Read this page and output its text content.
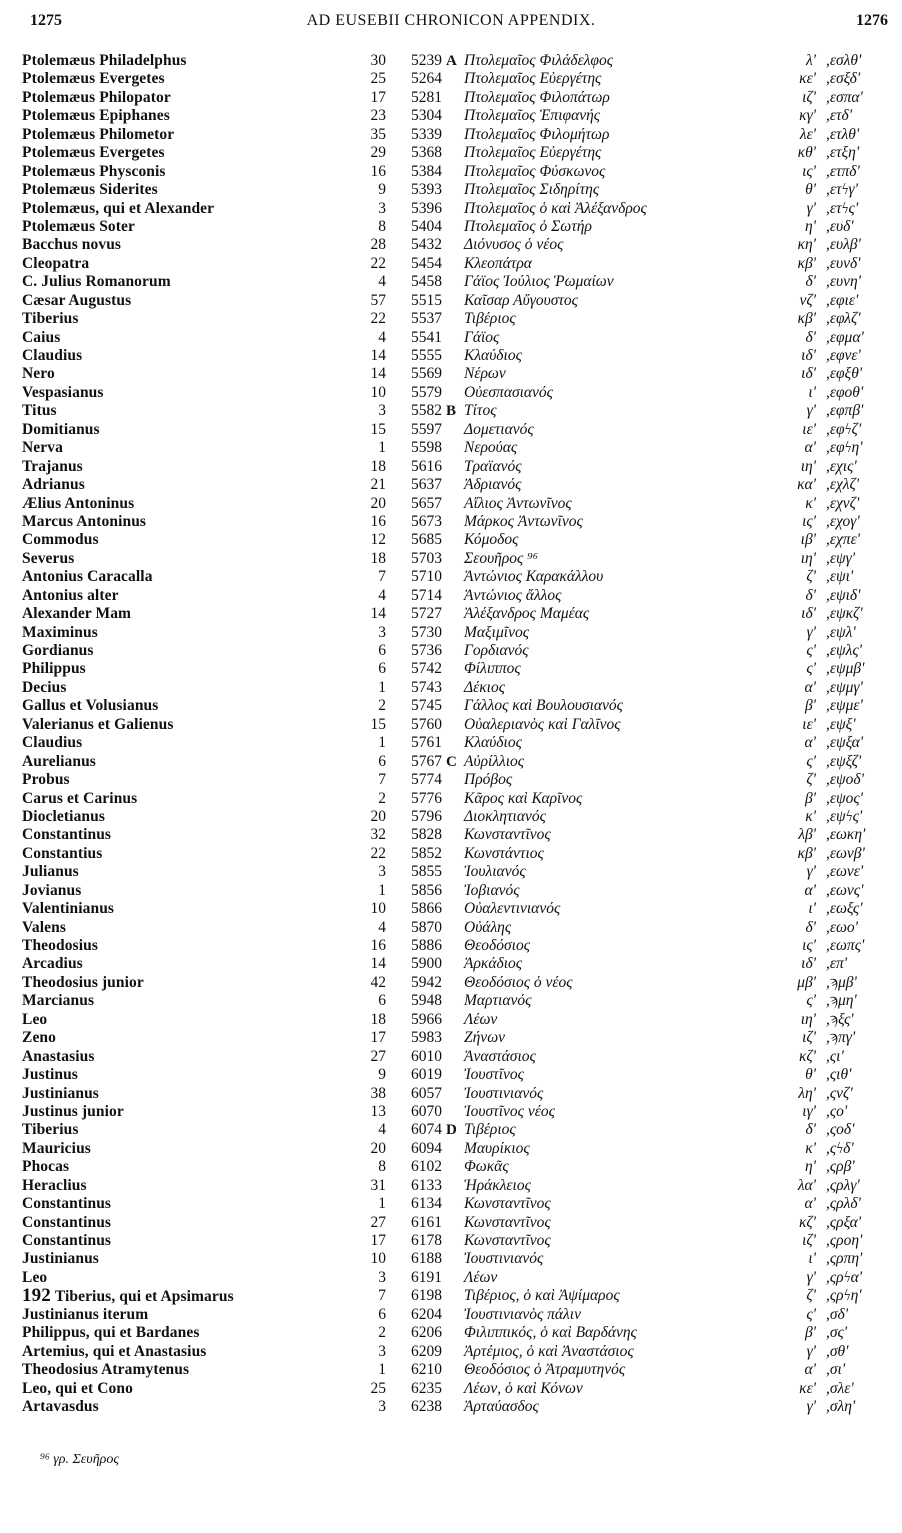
1275	AD EUSEBII CHRONICON APPENDIX.	1276
Ptolemæus Philadelphus	30	5239 A Πτολεμαῖος Φιλάδελφος	λ' ,εσλθ'
Ptolemæus Evergetes	25	5264 Πτολεμαῖος Εὐεργέτης	κε' ,εσξδ'
Ptolemæus Philopator	17	5281 Πτολεμαῖος Φιλοπάτωρ	ιζ' ,εσπα'
Ptolemæus Epiphanes	23	5304 Πτολεμαῖος Ἐπιφανής	κγ' ,ετδ'
Ptolemæus Philometor	35	5339 Πτολεμαῖος Φιλομήτωρ	λε' ,ετλθ'
Ptolemæus Evergetes	29	5368 Πτολεμαῖος Εὐεργέτης	κθ' ,ετξη'
Ptolemæus Physconis	16	5384 Πτολεμαῖος Φύσκωνος	ις' ,ετπδ'
Ptolemæus Siderites	9	5393 Πτολεμαῖος Σιδηρίτης	θ' ,ετϟγ'
Ptolemæus, qui et Alexander	3	5396 Πτολεμαῖος ὁ καὶ Ἀλέξανδρος	γ' ,ετϟς'
Ptolemæus Soter	8	5404 Πτολεμαῖος ὁ Σωτήρ	η' ,ευδ'
Bacchus novus	28	5432 Διόνυσος ὁ νέος	κη' ,ευλβ'
Cleopatra	22	5454 Κλεοπάτρα	κβ' ,ευνδ'
C. Julius Romanorum	4	5458 Γάϊος Ἰούλιος Ῥωμαίων	δ' ,ευνη'
Cæsar Augustus	57	5515 Καῖσαρ Αὔγουστος	νζ' ,εφιε'
Tiberius	22	5537 Τιβέριος	κβ' ,εφλζ'
Caius	4	5541 Γάϊος	δ' ,εφμα'
Claudius	14	5555 Κλαύδιος	ιδ' ,εφνε'
Nero	14	5569 Νέρων	ιδ' ,εφξθ'
Vespasianus	10	5579 Οὐεσπασιανός	ι' ,εφοθ'
Titus	3	5582 B Τίτος	γ' ,εφπβ'
Domitianus	15	5597 Δομετιανός	ιε' ,εφϟζ'
Nerva	1	5598 Νερούας	α' ,εφϟη'
Trajanus	18	5616 Τραϊανός	ιη' ,εχις'
Adrianus	21	5637 Ἀδριανός	κα' ,εχλζ'
Ælius Antoninus	20	5657 Αἴλιος Ἀντωνῖνος	κ' ,εχνζ'
Marcus Antoninus	16	5673 Μάρκος Ἀντωνῖνος	ις' ,εχογ'
Commodus	12	5685 Κόμοδος	ιβ' ,εχπε'
Severus	18	5703 Σεουῆρος ⁹⁶	ιη' ,εψγ'
Antonius Caracalla	7	5710 Ἀντώνιος Καρακάλλου	ζ' ,εψι'
Antonius alter	4	5714 Ἀντώνιος ἄλλος	δ' ,εψιδ'
Alexander Mam	14	5727 Ἀλέξανδρος Μαμέας	ιδ' ,εψκζ'
Maximinus	3	5730 Μαξιμῖνος	γ' ,εψλ'
Gordianus	6	5736 Γορδιανός	ς' ,εψλς'
Philippus	6	5742 Φίλιππος	ς' ,εψμβ'
Decius	1	5743 Δέκιος	α' ,εψμγ'
Gallus et Volusianus	2	5745 Γάλλος καὶ Βουλουσιανός	β' ,εψμε'
Valerianus et Galienus	15	5760 Οὐαλεριανὸς καὶ Γαλῖνος	ιε' ,εψξ'
Claudius	1	5761 Κλαύδιος	α' ,εψξα'
Aurelianus	6	5767 C Αὐρίλλιος	ς' ,εψξζ'
Probus	7	5774 Πρόβος	ζ' ,εψοδ'
Carus et Carinus	2	5776 Κᾶρος καὶ Καρῖνος	β' ,εψος'
Diocletianus	20	5796 Διοκλητιανός	κ' ,εψϟς'
Constantinus	32	5828 Κωνσταντῖνος	λβ' ,εωκη'
Constantius	22	5852 Κωνστάντιος	κβ' ,εωνβ'
Julianus	3	5855 Ἰουλιανός	γ' ,εωνε'
Jovianus	1	5856 Ἰοβιανός	α' ,εωνς'
Valentinianus	10	5866 Οὐαλεντινιανός	ι' ,εωξς'
Valens	4	5870 Οὐάλης	δ' ,εωο'
Theodosius	16	5886 Θεοδόσιος	ις' ,εωπς'
Arcadius	14	5900 Ἀρκάδιος	ιδ' ,επ'
Theodosius junior	42	5942 Θεοδόσιος ὁ νέος	μβ' ,ϡμβ'
Marcianus	6	5948 Μαρτιανός	ς' ,ϡμη'
Leo	18	5966 Λέων	ιη' ,ϡξς'
Zeno	17	5983 Ζήνων	ιζ' ,ϡπγ'
Anastasius	27	6010 Ἀναστάσιος	κζ' ,ςι'
Justinus	9	6019 Ἰουστῖνος	θ' ,ςιθ'
Justinianus	38	6057 Ἰουστινιανός	λη' ,ςνζ'
Justinus junior	13	6070 Ἰουστῖνος νέος	ιγ' ,ςο'
Tiberius	4	6074 D Τιβέριος	δ' ,ςοδ'
Mauricius	20	6094 Μαυρίκιος	κ' ,ςϟδ'
Phocas	8	6102 Φωκᾶς	η' ,ςρβ'
Heraclius	31	6133 Ἡράκλειος	λα' ,ςρλγ'
Constantinus	1	6134 Κωνσταντῖνος	α' ,ςρλδ'
Constantinus	27	6161 Κωνσταντῖνος	κζ' ,ςρξα'
Constantinus	17	6178 Κωνσταντῖνος	ιζ' ,ςροη'
Justinianus	10	6188 Ἰουστινιανός	ι' ,ςρπη'
Leo	3	6191 Λέων	γ' ,ςρϟα'
192 Tiberius, qui et Apsimarus	7	6198 Τιβέριος, ὁ καὶ Ἀψίμαρος	ζ' ,ςρϟη'
Justinianus iterum	6	6204 Ἰουστινιανὸς πάλιν	ς' ,σδ'
Philippus, qui et Bardanes	2	6206 Φιλιππικός, ὁ καὶ Βαρδάνης	β' ,σς'
Artemius, qui et Anastasius	3	6209 Ἀρτέμιος, ὁ καὶ Ἀναστάσιος	γ' ,σθ'
Theodosius Atramytenus	1	6210 Θεοδόσιος ὁ Ἀτραμυτηνός	α' ,σι'
Leo, qui et Cono	25	6235 Λέων, ὁ καὶ Κόνων	κε' ,σλε'
Artavasdus	3	6238 Ἀρταύασδος	γ' ,σλη'
⁹⁶ γρ. Σευῆρος
